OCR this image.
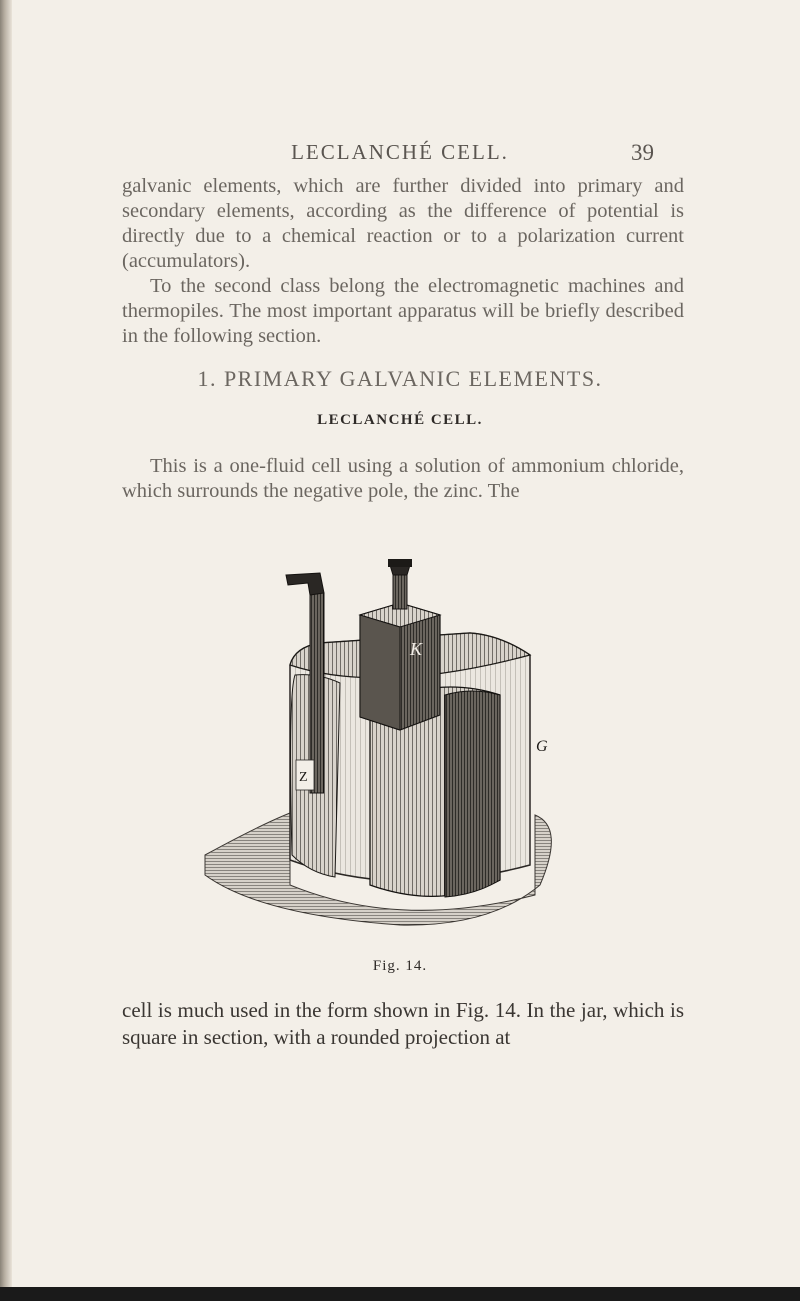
LECLANCHÉ CELL.	39

galvanic elements, which are further divided into primary and secondary elements, according as the difference of potential is directly due to a chemical reaction or to a polarization current (accumulators).

To the second class belong the electromagnetic machines and thermopiles. The most important apparatus will be briefly described in the following section.

1. PRIMARY GALVANIC ELEMENTS.
LECLANCHÉ CELL.

This is a one-fluid cell using a solution of ammonium chloride, which surrounds the negative pole, the zinc. The

K
Z
G
Fig. 14.

cell is much used in the form shown in Fig. 14. In the jar, which is square in section, with a rounded projection at
